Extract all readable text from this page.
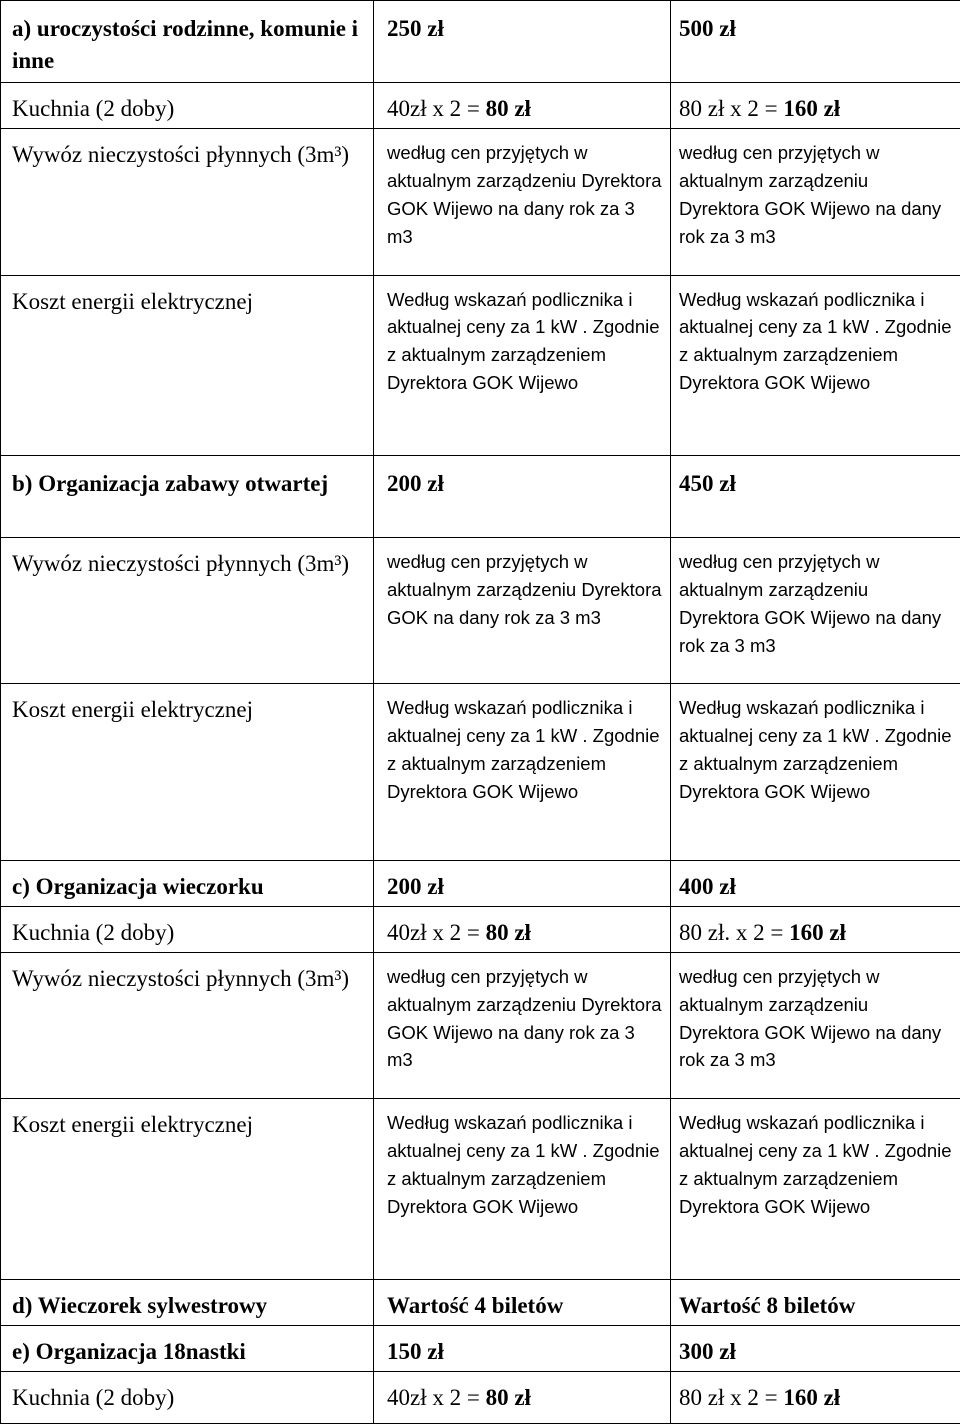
a) uroczystości rodzinne, komunie i inne	250 zł	500 zł
Kuchnia (2 doby)	40zł x 2 = 80 zł	80 zł x 2 = 160 zł
Wywóz nieczystości płynnych (3m³)	według cen przyjętych w aktualnym zarządzeniu Dyrektora GOK Wijewo na dany rok za 3 m3	według cen przyjętych w aktualnym zarządzeniu Dyrektora GOK Wijewo na dany rok za 3 m3
Koszt energii elektrycznej	Według wskazań podlicznika i aktualnej ceny za 1 kW . Zgodnie z aktualnym zarządzeniem Dyrektora GOK Wijewo	Według wskazań podlicznika i aktualnej ceny za 1 kW . Zgodnie z aktualnym zarządzeniem Dyrektora GOK Wijewo
b) Organizacja zabawy otwartej	200 zł	450 zł
Wywóz nieczystości płynnych (3m³)	według cen przyjętych w aktualnym zarządzeniu Dyrektora GOK na dany rok za 3 m3	według cen przyjętych w aktualnym zarządzeniu Dyrektora GOK Wijewo na dany rok za 3 m3
Koszt energii elektrycznej	Według wskazań podlicznika i aktualnej ceny za 1 kW . Zgodnie z aktualnym zarządzeniem Dyrektora GOK Wijewo	Według wskazań podlicznika i aktualnej ceny za 1 kW . Zgodnie z aktualnym zarządzeniem Dyrektora GOK Wijewo
c) Organizacja wieczorku	200 zł	400 zł
Kuchnia (2 doby)	40zł x 2 = 80 zł	80 zł. x 2 = 160 zł
Wywóz nieczystości płynnych (3m³)	według cen przyjętych w aktualnym zarządzeniu Dyrektora GOK Wijewo na dany rok za 3 m3	według cen przyjętych w aktualnym zarządzeniu Dyrektora GOK Wijewo na dany rok za 3 m3
Koszt energii elektrycznej	Według wskazań podlicznika i aktualnej ceny za 1 kW . Zgodnie z aktualnym zarządzeniem Dyrektora GOK Wijewo	Według wskazań podlicznika i aktualnej ceny za 1 kW . Zgodnie z aktualnym zarządzeniem Dyrektora GOK Wijewo
d) Wieczorek sylwestrowy	Wartość 4 biletów	Wartość 8 biletów
e) Organizacja 18nastki	150 zł	300 zł
Kuchnia (2 doby)	40zł x 2 = 80 zł	80 zł x 2 = 160 zł
